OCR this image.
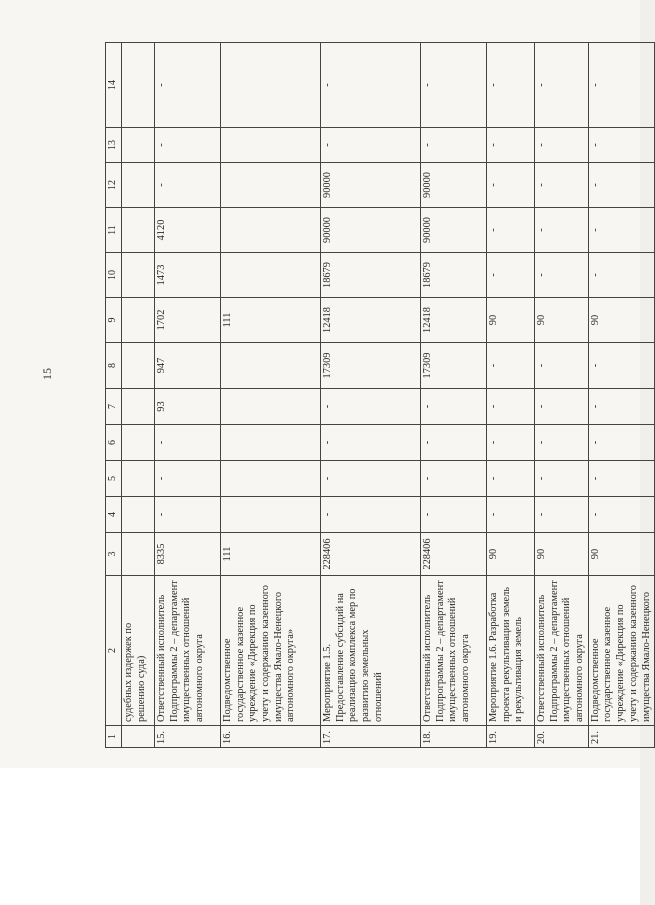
15
1	2	3	4	5	6	7	8	9	10	11	12	13	14
	судебных издержек по решению суда)												
15.	Ответственный исполнитель Подпрограммы 2 – департамент имущественных отношений автономного округа	8335	-	-	-	93	947	1702	1473	4120	-	-	-
16.	Подведомственное государственное казенное учреждение «Дирекция по учету и содержанию казенного имущества Ямало-Ненецкого автономного округа»	111						111					
17.	Мероприятие 1.5. Предоставление субсидий на реализацию комплекса мер по развитию земельных отношений	228406	-	-	-	-	17309	12418	18679	90000	90000	-	-
18.	Ответственный исполнитель Подпрограммы 2 – департамент имущественных отношений автономного округа	228406	-	-	-	-	17309	12418	18679	90000	90000	-	-
19.	Мероприятие 1.6. Разработка проекта рекультивации земель и рекультивация земель	90	-	-	-	-	-	90	-	-	-	-	-
20.	Ответственный исполнитель Подпрограммы 2 – департамент имущественных отношений автономного округа	90	-	-	-	-	-	90	-	-	-	-	-
21.	Подведомственное государственное казенное учреждение «Дирекция по учету и содержанию казенного имущества Ямало-Ненецкого	90	-	-	-	-	-	90	-	-	-	-	-
